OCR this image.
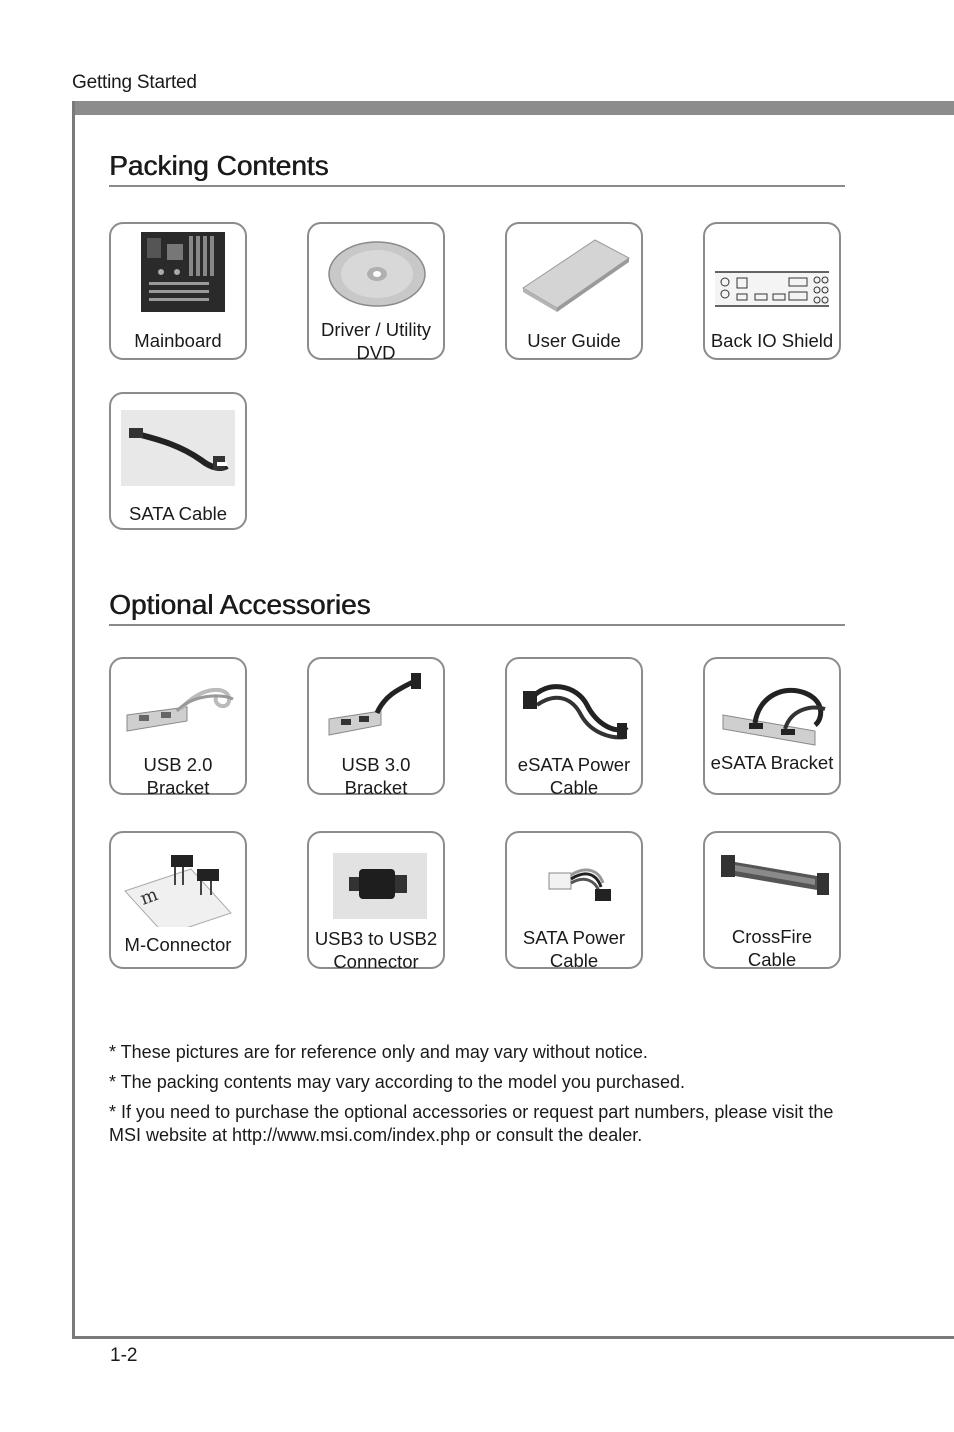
Getting Started
Packing Contents
Mainboard
Driver / Utility DVD
User Guide	Back IO Shield
SATA Cable
Optional Accessories
USB 2.0 Bracket
USB 3.0 Bracket
eSATA Power Cable
eSATA Bracket
m
M-Connector	USB3 to USB2 Connector
SATA Power Cable
CrossFire Cable
* These pictures are for reference only and may vary without notice.
* The packing contents may vary according to the model you purchased.
* If you need to purchase the optional accessories or request part numbers, please visit the MSI website at http://www.msi.com/index.php or consult the dealer.
1-2
